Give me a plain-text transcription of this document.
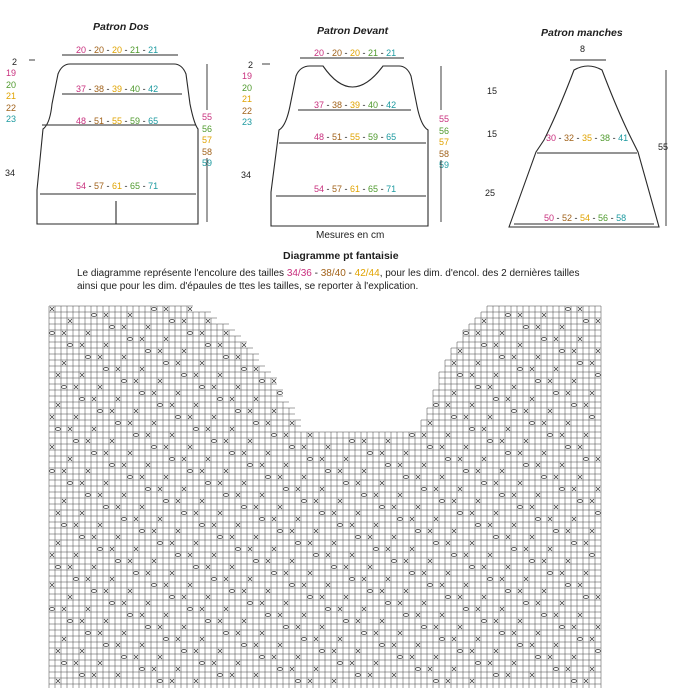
Patron Dos
20 - 20 - 20 - 21 - 21
37 - 38 - 39 - 40 - 42
48 - 51 - 55 - 59 - 65
54 - 57 - 61 - 65 - 71
2
19
20
21
22
23	55
56
57
58
59
34
Patron Devant
20 - 20 - 20 - 21 - 21
37 - 38 - 39 - 40 - 42
48 - 51 - 55 - 59 - 65
54 - 57 - 61 - 65 - 71
2
19
20
21
22
23	55
56
57
58
59
34
Mesures en cm
Patron manches
8
30 - 32 - 35 - 38 - 41
50 - 52 - 54 - 56 - 58
15
15
25
55
Diagramme pt fantaisie
Le diagramme représente l'encolure des tailles 34/36 - 38/40 - 42/44, pour les dim. d'encol. des 2 dernières tailles
ainsi que pour les dim. d'épaules de ttes les tailles, se reporter à l'explication.
